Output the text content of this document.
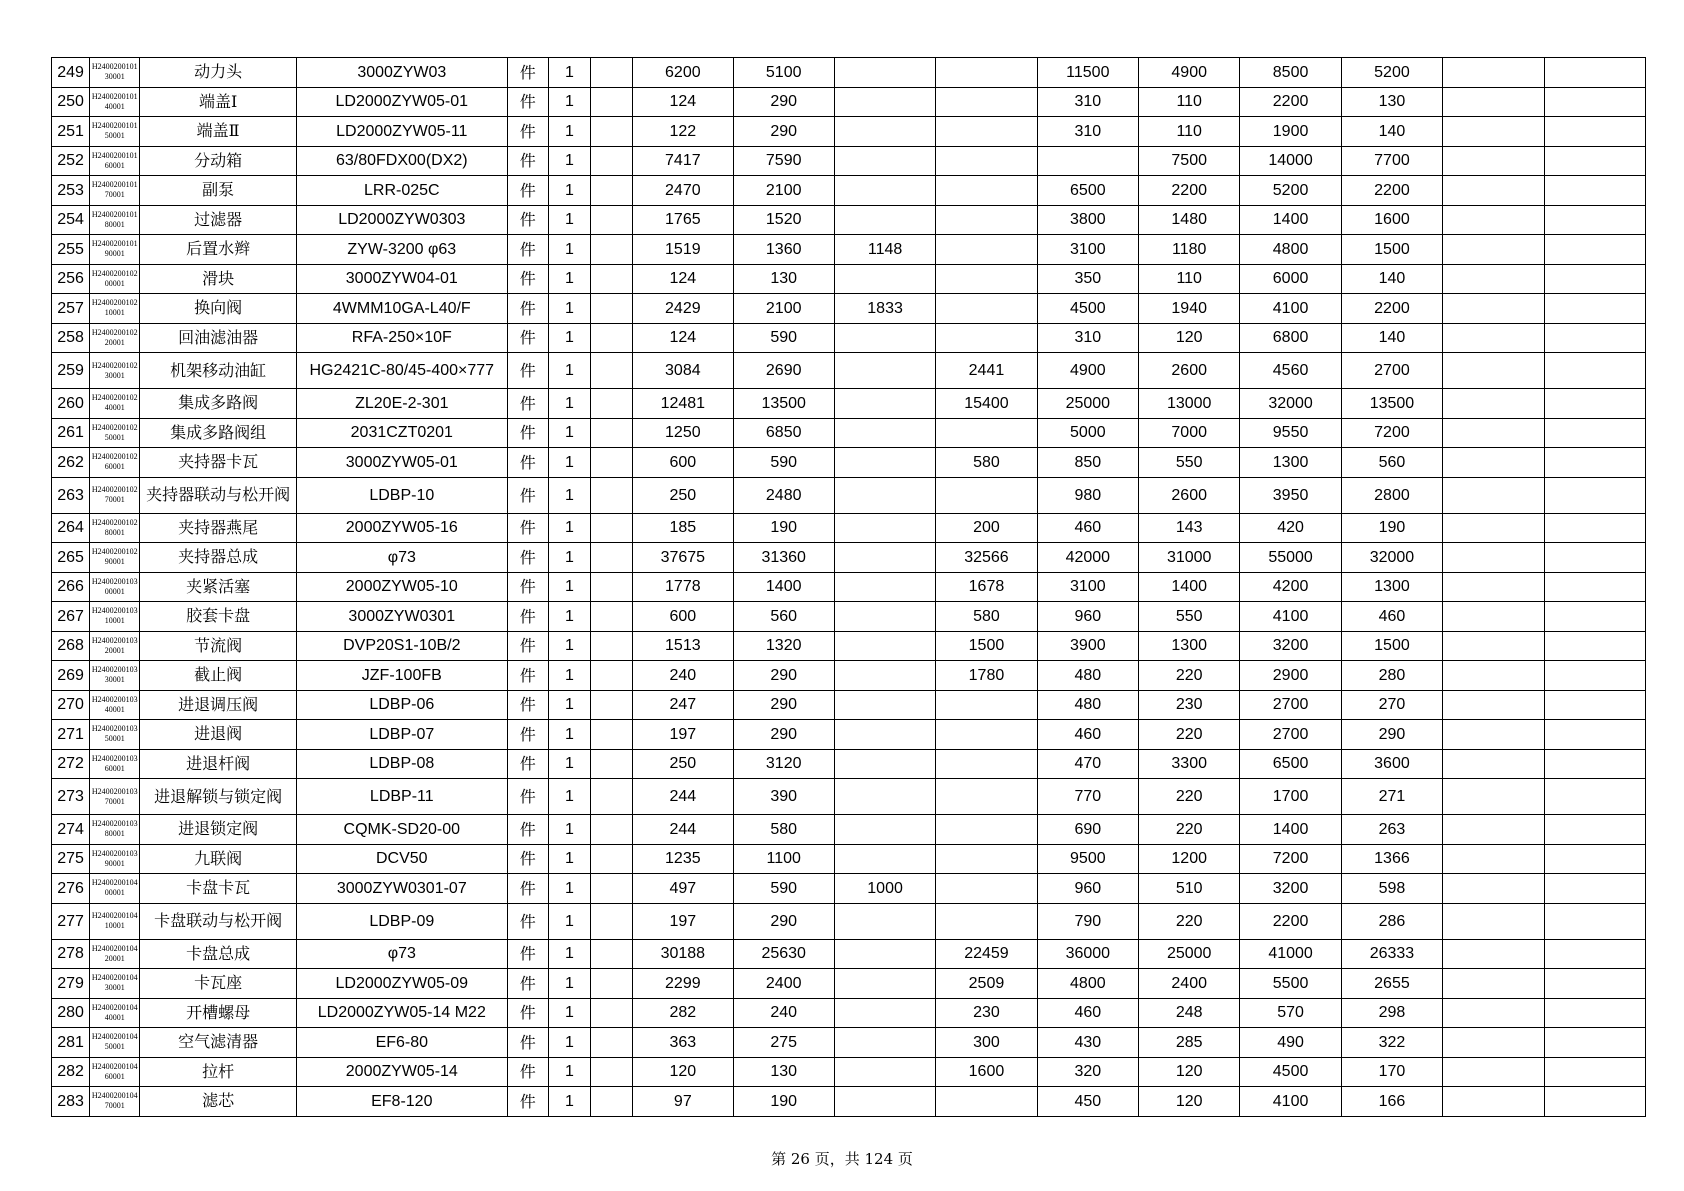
249	H240020010130001	动力头	3000ZYW03	件	1		6200	5100			11500	4900	8500	5200		
250	H240020010140001	端盖Ⅰ	LD2000ZYW05-01	件	1		124	290			310	110	2200	130		
251	H240020010150001	端盖Ⅱ	LD2000ZYW05-11	件	1		122	290			310	110	1900	140		
252	H240020010160001	分动箱	63/80FDX00(DX2)	件	1		7417	7590				7500	14000	7700		
253	H240020010170001	副泵	LRR-025C	件	1		2470	2100			6500	2200	5200	2200		
254	H240020010180001	过滤器	LD2000ZYW0303	件	1		1765	1520			3800	1480	1400	1600		
255	H240020010190001	后置水辫	ZYW-3200 φ63	件	1		1519	1360	1148		3100	1180	4800	1500		
256	H240020010200001	滑块	3000ZYW04-01	件	1		124	130			350	110	6000	140		
257	H240020010210001	换向阀	4WMM10GA-L40/F	件	1		2429	2100	1833		4500	1940	4100	2200		
258	H240020010220001	回油滤油器	RFA-250×10F	件	1		124	590			310	120	6800	140		
259	H240020010230001	机架移动油缸	HG2421C-80/45-400×777	件	1		3084	2690		2441	4900	2600	4560	2700		
260	H240020010240001	集成多路阀	ZL20E-2-301	件	1		12481	13500		15400	25000	13000	32000	13500		
261	H240020010250001	集成多路阀组	2031CZT0201	件	1		1250	6850			5000	7000	9550	7200		
262	H240020010260001	夹持器卡瓦	3000ZYW05-01	件	1		600	590		580	850	550	1300	560		
263	H240020010270001	夹持器联动与松开阀	LDBP-10	件	1		250	2480			980	2600	3950	2800		
264	H240020010280001	夹持器燕尾	2000ZYW05-16	件	1		185	190		200	460	143	420	190		
265	H240020010290001	夹持器总成	φ73	件	1		37675	31360		32566	42000	31000	55000	32000		
266	H240020010300001	夹紧活塞	2000ZYW05-10	件	1		1778	1400		1678	3100	1400	4200	1300		
267	H240020010310001	胶套卡盘	3000ZYW0301	件	1		600	560		580	960	550	4100	460		
268	H240020010320001	节流阀	DVP20S1-10B/2	件	1		1513	1320		1500	3900	1300	3200	1500		
269	H240020010330001	截止阀	JZF-100FB	件	1		240	290		1780	480	220	2900	280		
270	H240020010340001	进退调压阀	LDBP-06	件	1		247	290			480	230	2700	270		
271	H240020010350001	进退阀	LDBP-07	件	1		197	290			460	220	2700	290		
272	H240020010360001	进退杆阀	LDBP-08	件	1		250	3120			470	3300	6500	3600		
273	H240020010370001	进退解锁与锁定阀	LDBP-11	件	1		244	390			770	220	1700	271		
274	H240020010380001	进退锁定阀	CQMK-SD20-00	件	1		244	580			690	220	1400	263		
275	H240020010390001	九联阀	DCV50	件	1		1235	1100			9500	1200	7200	1366		
276	H240020010400001	卡盘卡瓦	3000ZYW0301-07	件	1		497	590	1000		960	510	3200	598		
277	H240020010410001	卡盘联动与松开阀	LDBP-09	件	1		197	290			790	220	2200	286		
278	H240020010420001	卡盘总成	φ73	件	1		30188	25630		22459	36000	25000	41000	26333		
279	H240020010430001	卡瓦座	LD2000ZYW05-09	件	1		2299	2400		2509	4800	2400	5500	2655		
280	H240020010440001	开槽螺母	LD2000ZYW05-14 M22	件	1		282	240		230	460	248	570	298		
281	H240020010450001	空气滤清器	EF6-80	件	1		363	275		300	430	285	490	322		
282	H240020010460001	拉杆	2000ZYW05-14	件	1		120	130		1600	320	120	4500	170		
283	H240020010470001	滤芯	EF8-120	件	1		97	190			450	120	4100	166		
第 26 页，共 124 页
